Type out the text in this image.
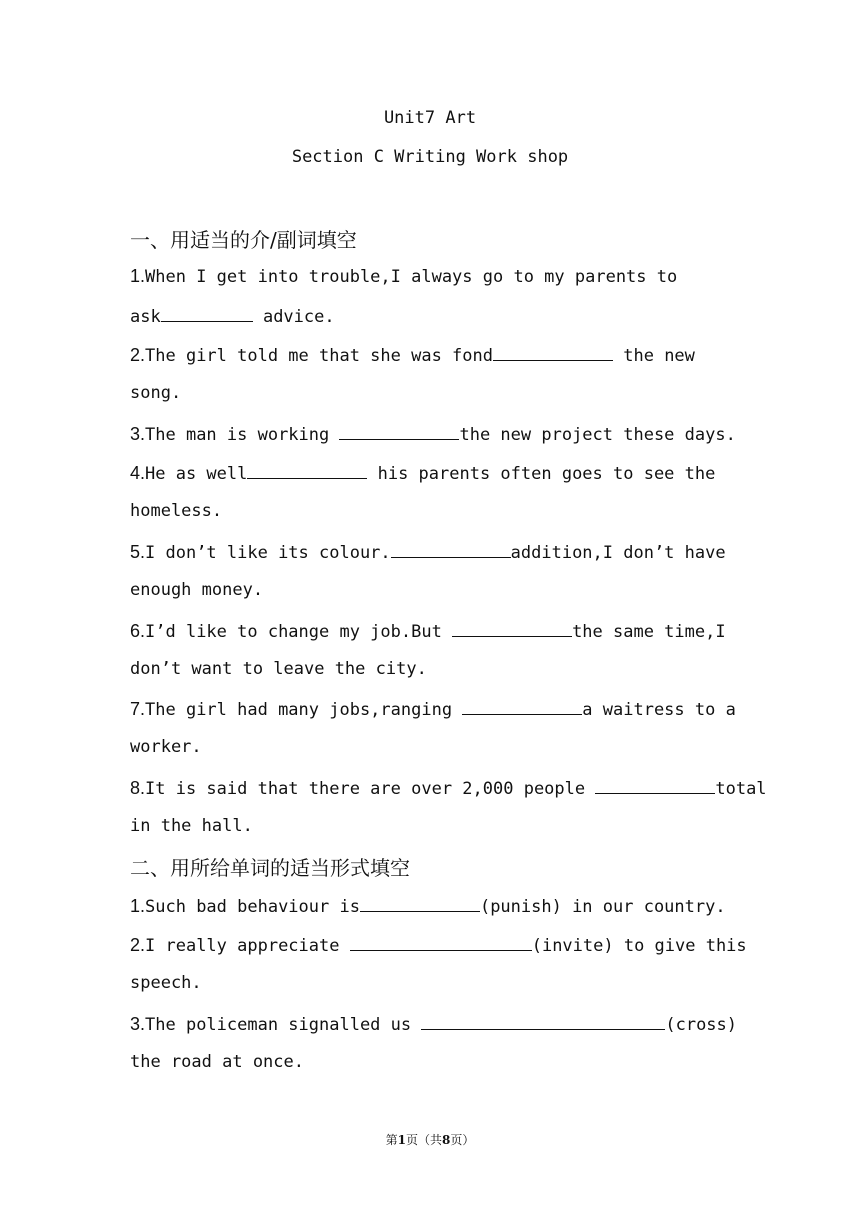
Unit7 Art
Section C Writing Work shop
一、用适当的介/副词填空
1.When I get into trouble,I always go to my parents to
ask	advice.
2.The girl told me that she was fond	the new
song.
3.The man is working	the new project these days.
4.He as well	his parents often goes to see the
homeless.
5.I don’t like its colour.	addition,I don’t have
enough money.
6.I’d like to change my job.But	the same time,I
don’t want to leave the city.
7.The girl had many jobs,ranging	a waitress to a
worker.
8.It is said that there are over 2,000 people	total
in the hall.
二、用所给单词的适当形式填空
1.Such bad behaviour is	(punish) in our country.
2.I really appreciate	(invite) to give this
speech.
3.The policeman signalled us	(cross)
the road at once.
第1页（共8页）
